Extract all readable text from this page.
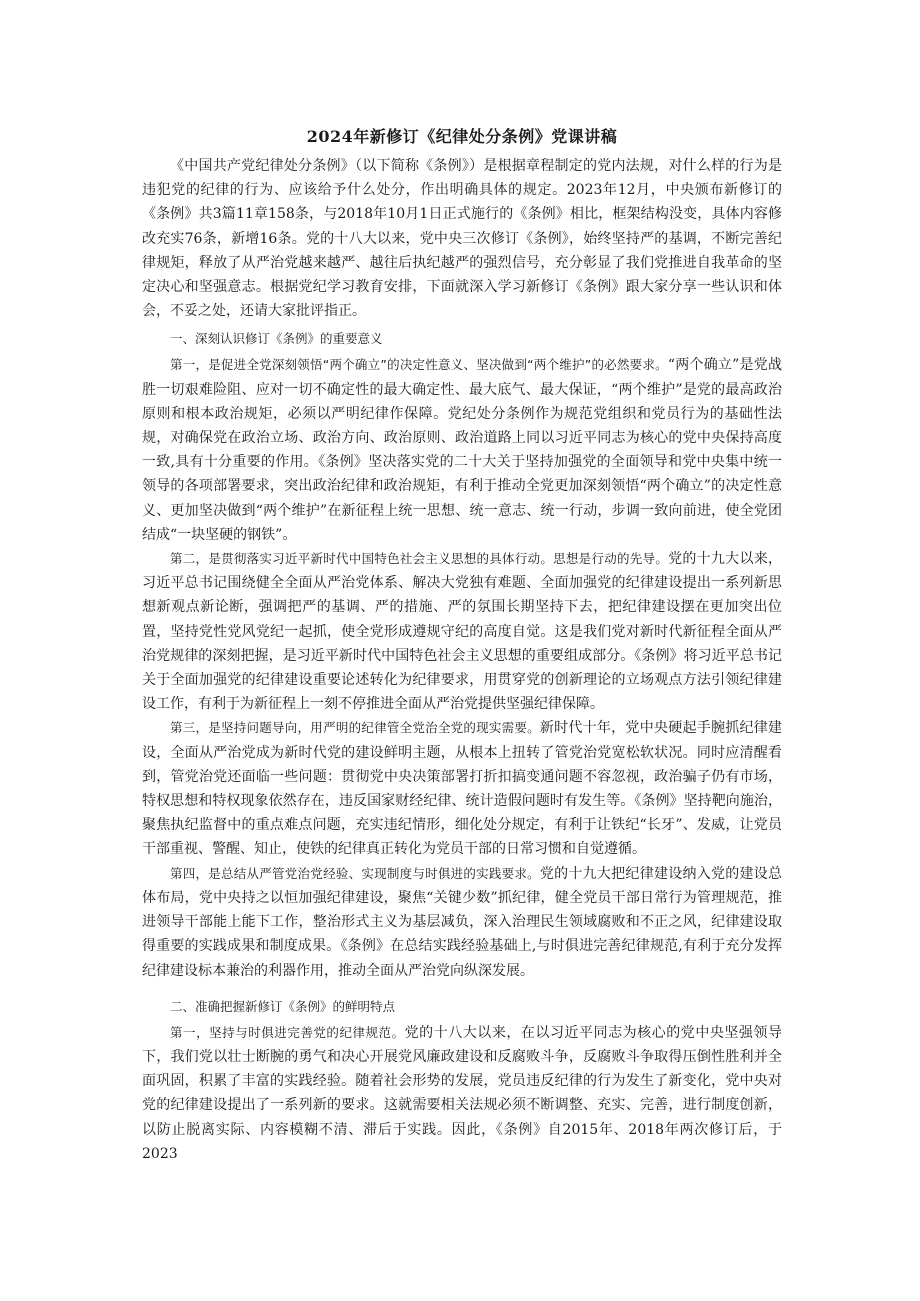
2024年新修订《纪律处分条例》党课讲稿

《中国共产党纪律处分条例》（以下简称《条例》）是根据章程制定的党内法规，对什么样的行为是违犯党的纪律的行为、应该给予什么处分，作出明确具体的规定。2023年12月，中央颁布新修订的《条例》共3篇11章158条，与2018年10月1日正式施行的《条例》相比，框架结构没变，具体内容修改充实76条，新增16条。党的十八大以来，党中央三次修订《条例》，始终坚持严的基调，不断完善纪律规矩，释放了从严治党越来越严、越往后执纪越严的强烈信号，充分彰显了我们党推进自我革命的坚定决心和坚强意志。根据党纪学习教育安排，下面就深入学习新修订《条例》跟大家分享一些认识和体会，不妥之处，还请大家批评指正。

一、深刻认识修订《条例》的重要意义

第一，是促进全党深刻领悟“两个确立”的决定性意义、坚决做到“两个维护”的必然要求。“两个确立”是党战胜一切艰难险阻、应对一切不确定性的最大确定性、最大底气、最大保证，“两个维护”是党的最高政治原则和根本政治规矩，必须以严明纪律作保障。党纪处分条例作为规范党组织和党员行为的基础性法规，对确保党在政治立场、政治方向、政治原则、政治道路上同以习近平同志为核心的党中央保持高度一致,具有十分重要的作用。《条例》坚决落实党的二十大关于坚持加强党的全面领导和党中央集中统一领导的各项部署要求，突出政治纪律和政治规矩，有利于推动全党更加深刻领悟“两个确立”的决定性意义、更加坚决做到“两个维护”在新征程上统一思想、统一意志、统一行动，步调一致向前进，使全党团结成“一块坚硬的钢铁”。

第二，是贯彻落实习近平新时代中国特色社会主义思想的具体行动。思想是行动的先导。党的十九大以来，习近平总书记围绕健全全面从严治党体系、解决大党独有难题、全面加强党的纪律建设提出一系列新思想新观点新论断，强调把严的基调、严的措施、严的氛围长期坚持下去，把纪律建设摆在更加突出位置，坚持党性党风党纪一起抓，使全党形成遵规守纪的高度自觉。这是我们党对新时代新征程全面从严治党规律的深刻把握，是习近平新时代中国特色社会主义思想的重要组成部分。《条例》将习近平总书记关于全面加强党的纪律建设重要论述转化为纪律要求，用贯穿党的创新理论的立场观点方法引领纪律建设工作，有利于为新征程上一刻不停推进全面从严治党提供坚强纪律保障。

第三，是坚持问题导向，用严明的纪律管全党治全党的现实需要。新时代十年，党中央硬起手腕抓纪律建设，全面从严治党成为新时代党的建设鲜明主题，从根本上扭转了管党治党宽松软状况。同时应清醒看到，管党治党还面临一些问题：贯彻党中央决策部署打折扣搞变通问题不容忽视，政治骗子仍有市场，特权思想和特权现象依然存在，违反国家财经纪律、统计造假问题时有发生等。《条例》坚持靶向施治，聚焦执纪监督中的重点难点问题，充实违纪情形，细化处分规定，有利于让铁纪“长牙”、发威，让党员干部重视、警醒、知止，使铁的纪律真正转化为党员干部的日常习惯和自觉遵循。

第四，是总结从严管党治党经验、实现制度与时俱进的实践要求。党的十九大把纪律建设纳入党的建设总体布局，党中央持之以恒加强纪律建设，聚焦“关键少数”抓纪律，健全党员干部日常行为管理规范，推进领导干部能上能下工作，整治形式主义为基层减负，深入治理民生领域腐败和不正之风，纪律建设取得重要的实践成果和制度成果。《条例》在总结实践经验基础上,与时俱进完善纪律规范,有利于充分发挥纪律建设标本兼治的利器作用，推动全面从严治党向纵深发展。

二、准确把握新修订《条例》的鲜明特点

第一，坚持与时俱进完善党的纪律规范。党的十八大以来，在以习近平同志为核心的党中央坚强领导下，我们党以壮士断腕的勇气和决心开展党风廉政建设和反腐败斗争，反腐败斗争取得压倒性胜利并全面巩固，积累了丰富的实践经验。随着社会形势的发展，党员违反纪律的行为发生了新变化，党中央对党的纪律建设提出了一系列新的要求。这就需要相关法规必须不断调整、充实、完善，进行制度创新，以防止脱离实际、内容模糊不清、滞后于实践。因此，《条例》自2015年、2018年两次修订后，于2023
